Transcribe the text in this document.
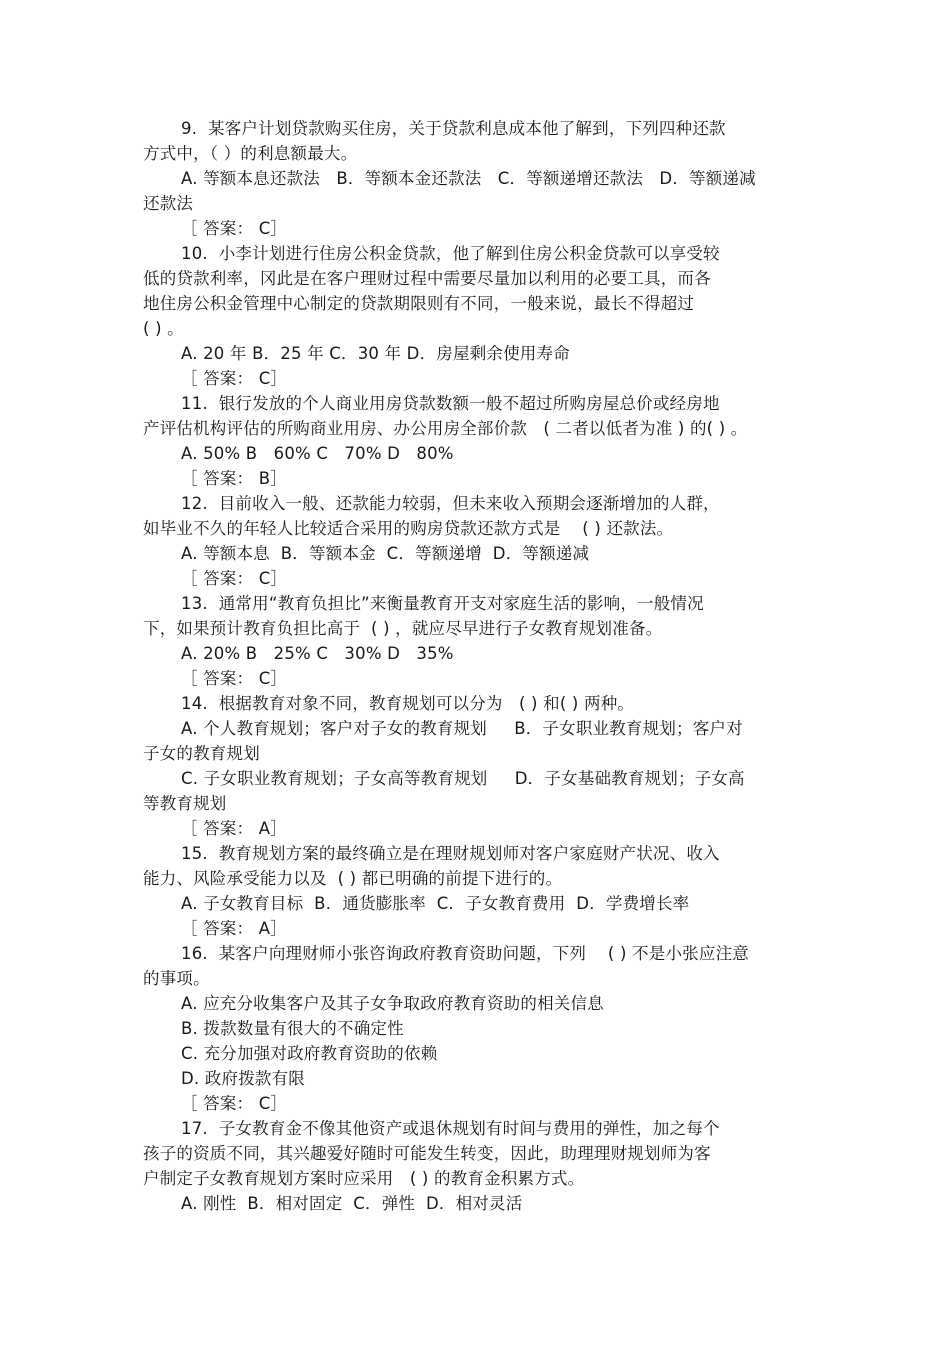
9.  某客户计划贷款购买住房，关于贷款利息成本他了解到，下列四种还款
方式中，（ ）的利息额最大。
A. 等额本息还款法   B．等额本金还款法   C．等额递增还款法   D．等额递减
还款法
［ 答案： C］
10.  小李计划进行住房公积金贷款，他了解到住房公积金贷款可以享受较
低的贷款利率，冈此是在客户理财过程中需要尽量加以利用的必要工具，而各
地住房公积金管理中心制定的贷款期限则有不同，一般来说，最长不得超过
( ) 。
A. 20 年 B．25 年 C．30 年 D．房屋剩余使用寿命
［ 答案： C］
11.  银行发放的个人商业用房贷款数额一般不超过所购房屋总价或经房地
产评估机构评估的所购商业用房、办公用房全部价款   ( 二者以低者为准 ) 的( ) 。
A. 50% B   60% C   70% D   80%
［ 答案： B］
12.  目前收入一般、还款能力较弱，但未来收入预期会逐渐增加的人群，
如毕业不久的年轻人比较适合采用的购房贷款还款方式是    ( ) 还款法。
A. 等额本息  B．等额本金  C．等额递增  D．等额递减
［ 答案： C］
13.  通常用“教育负担比”来衡量教育开支对家庭生活的影响，一般情况
下，如果预计教育负担比高于  ( ) ，就应尽早进行子女教育规划准备。
A. 20% B   25% C   30% D   35%
［ 答案： C］
14.  根据教育对象不同，教育规划可以分为   ( ) 和( ) 两种。
A. 个人教育规划；客户对子女的教育规划     B．子女职业教育规划；客户对
子女的教育规划
C. 子女职业教育规划；子女高等教育规划     D．子女基础教育规划；子女高
等教育规划
［ 答案： A］
15.  教育规划方案的最终确立是在理财规划师对客户家庭财产状况、收入
能力、风险承受能力以及  ( ) 都已明确的前提下进行的。
A. 子女教育目标  B．通货膨胀率  C．子女教育费用  D．学费增长率
［ 答案： A］
16.  某客户向理财师小张咨询政府教育资助问题，下列    ( ) 不是小张应注意
的事项。
A. 应充分收集客户及其子女争取政府教育资助的相关信息
B. 拨款数量有很大的不确定性
C. 充分加强对政府教育资助的依赖
D. 政府拨款有限
［ 答案： C］
17.  子女教育金不像其他资产或退休规划有时间与费用的弹性，加之每个
孩子的资质不同，其兴趣爱好随时可能发生转变，因此，助理理财规划师为客
户制定子女教育规划方案时应采用   ( ) 的教育金积累方式。
A. 刚性  B．相对固定  C．弹性  D．相对灵活
